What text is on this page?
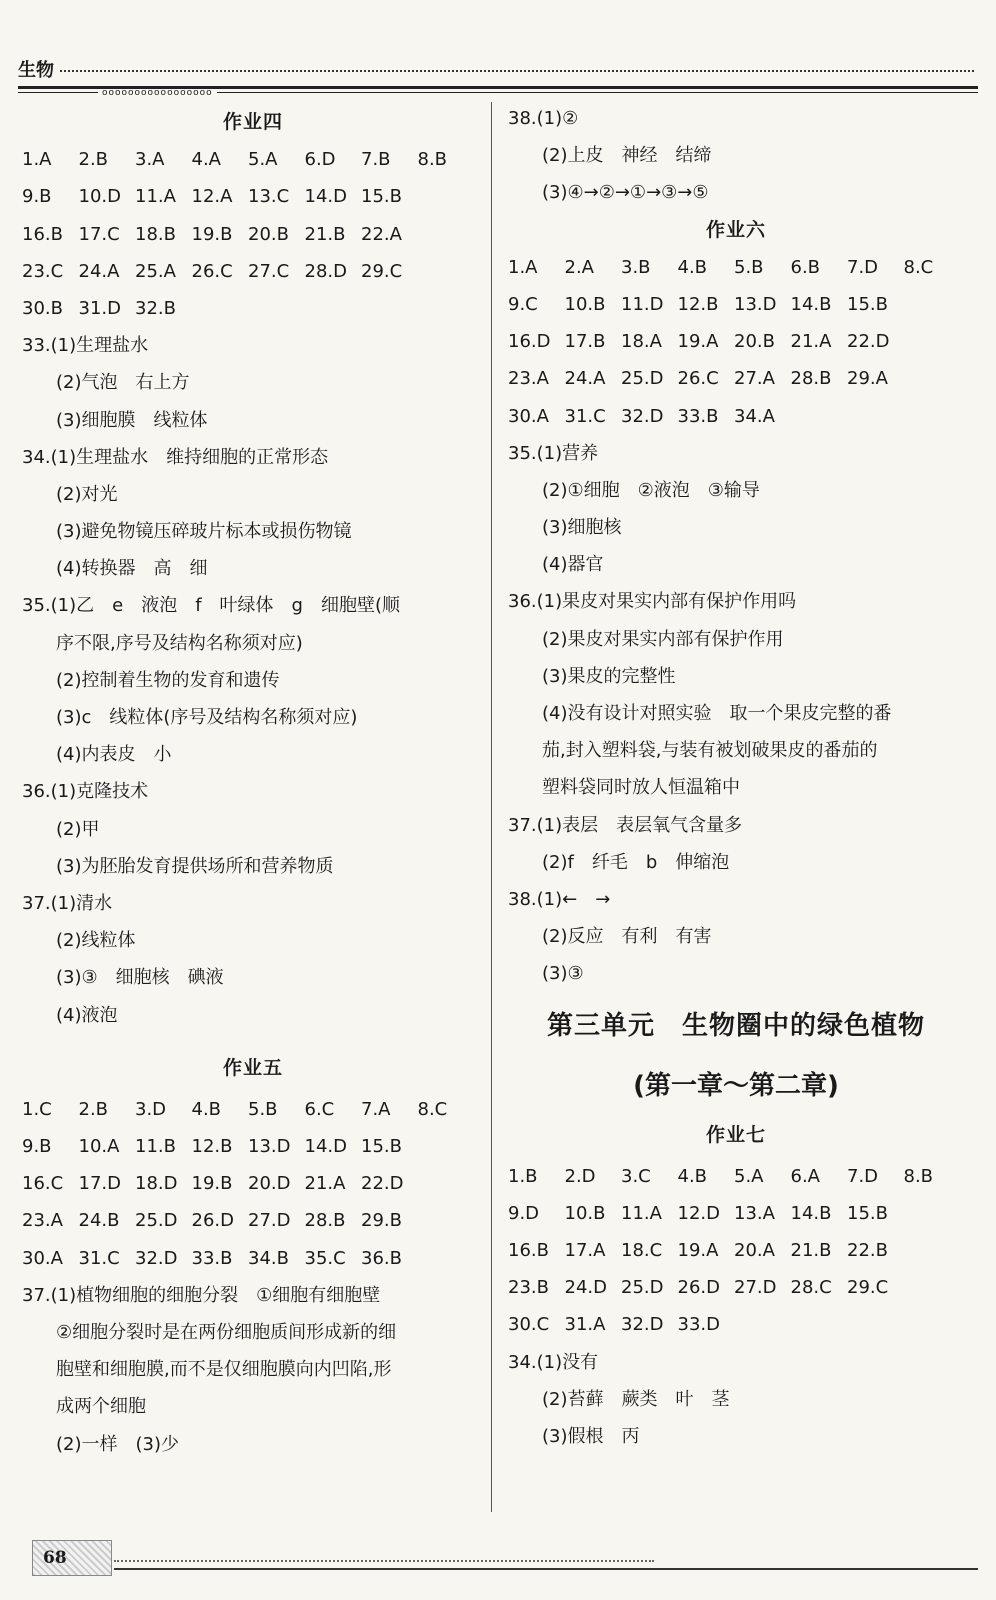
生物
ooooooooooooooooo
作业四
1.A	2.B	3.A	4.A	5.A	6.D	7.B	8.B
9.B	10.D 11.A 12.A 13.C 14.D 15.B
16.B 17.C 18.B 19.B 20.B 21.B 22.A
23.C 24.A 25.A 26.C 27.C 28.D 29.C
30.B 31.D 32.B
33.(1)生理盐水
(2)气泡　右上方
(3)细胞膜　线粒体
34.(1)生理盐水　维持细胞的正常形态
(2)对光
(3)避免物镜压碎玻片标本或损伤物镜
(4)转换器　高　细
35.(1)乙　e　液泡　f　叶绿体　g　细胞壁(顺
序不限,序号及结构名称须对应)
(2)控制着生物的发育和遗传
(3)c　线粒体(序号及结构名称须对应)
(4)内表皮　小
36.(1)克隆技术
(2)甲
(3)为胚胎发育提供场所和营养物质
37.(1)清水
(2)线粒体
(3)③　细胞核　碘液
(4)液泡
作业五
1.C	2.B	3.D	4.B	5.B	6.C	7.A	8.C
9.B	10.A 11.B 12.B 13.D 14.D 15.B
16.C 17.D 18.D 19.B 20.D 21.A 22.D
23.A 24.B 25.D 26.D 27.D 28.B 29.B
30.A 31.C 32.D 33.B 34.B 35.C 36.B
37.(1)植物细胞的细胞分裂　①细胞有细胞壁
②细胞分裂时是在两份细胞质间形成新的细
胞壁和细胞膜,而不是仅细胞膜向内凹陷,形
成两个细胞
(2)一样　(3)少
38.(1)②
(2)上皮　神经　结缔
(3)④→②→①→③→⑤
作业六
1.A	2.A	3.B	4.B	5.B	6.B	7.D	8.C
9.C	10.B 11.D 12.B 13.D 14.B 15.B
16.D 17.B 18.A 19.A 20.B 21.A 22.D
23.A 24.A 25.D 26.C 27.A 28.B 29.A
30.A 31.C 32.D 33.B 34.A
35.(1)营养
(2)①细胞　②液泡　③输导
(3)细胞核
(4)器官
36.(1)果皮对果实内部有保护作用吗
(2)果皮对果实内部有保护作用
(3)果皮的完整性
(4)没有设计对照实验　取一个果皮完整的番
茄,封入塑料袋,与装有被划破果皮的番茄的
塑料袋同时放人恒温箱中
37.(1)表层　表层氧气含量多
(2)f　纤毛　b　伸缩泡
38.(1)←　→
(2)反应　有利　有害
(3)③
第三单元　生物圈中的绿色植物
(第一章～第二章)
作业七
1.B	2.D	3.C	4.B	5.A	6.A	7.D	8.B
9.D	10.B 11.A 12.D 13.A 14.B 15.B
16.B 17.A 18.C 19.A 20.A 21.B 22.B
23.B 24.D 25.D 26.D 27.D 28.C 29.C
30.C 31.A 32.D 33.D
34.(1)没有
(2)苔藓　蕨类　叶　茎
(3)假根　丙
68
